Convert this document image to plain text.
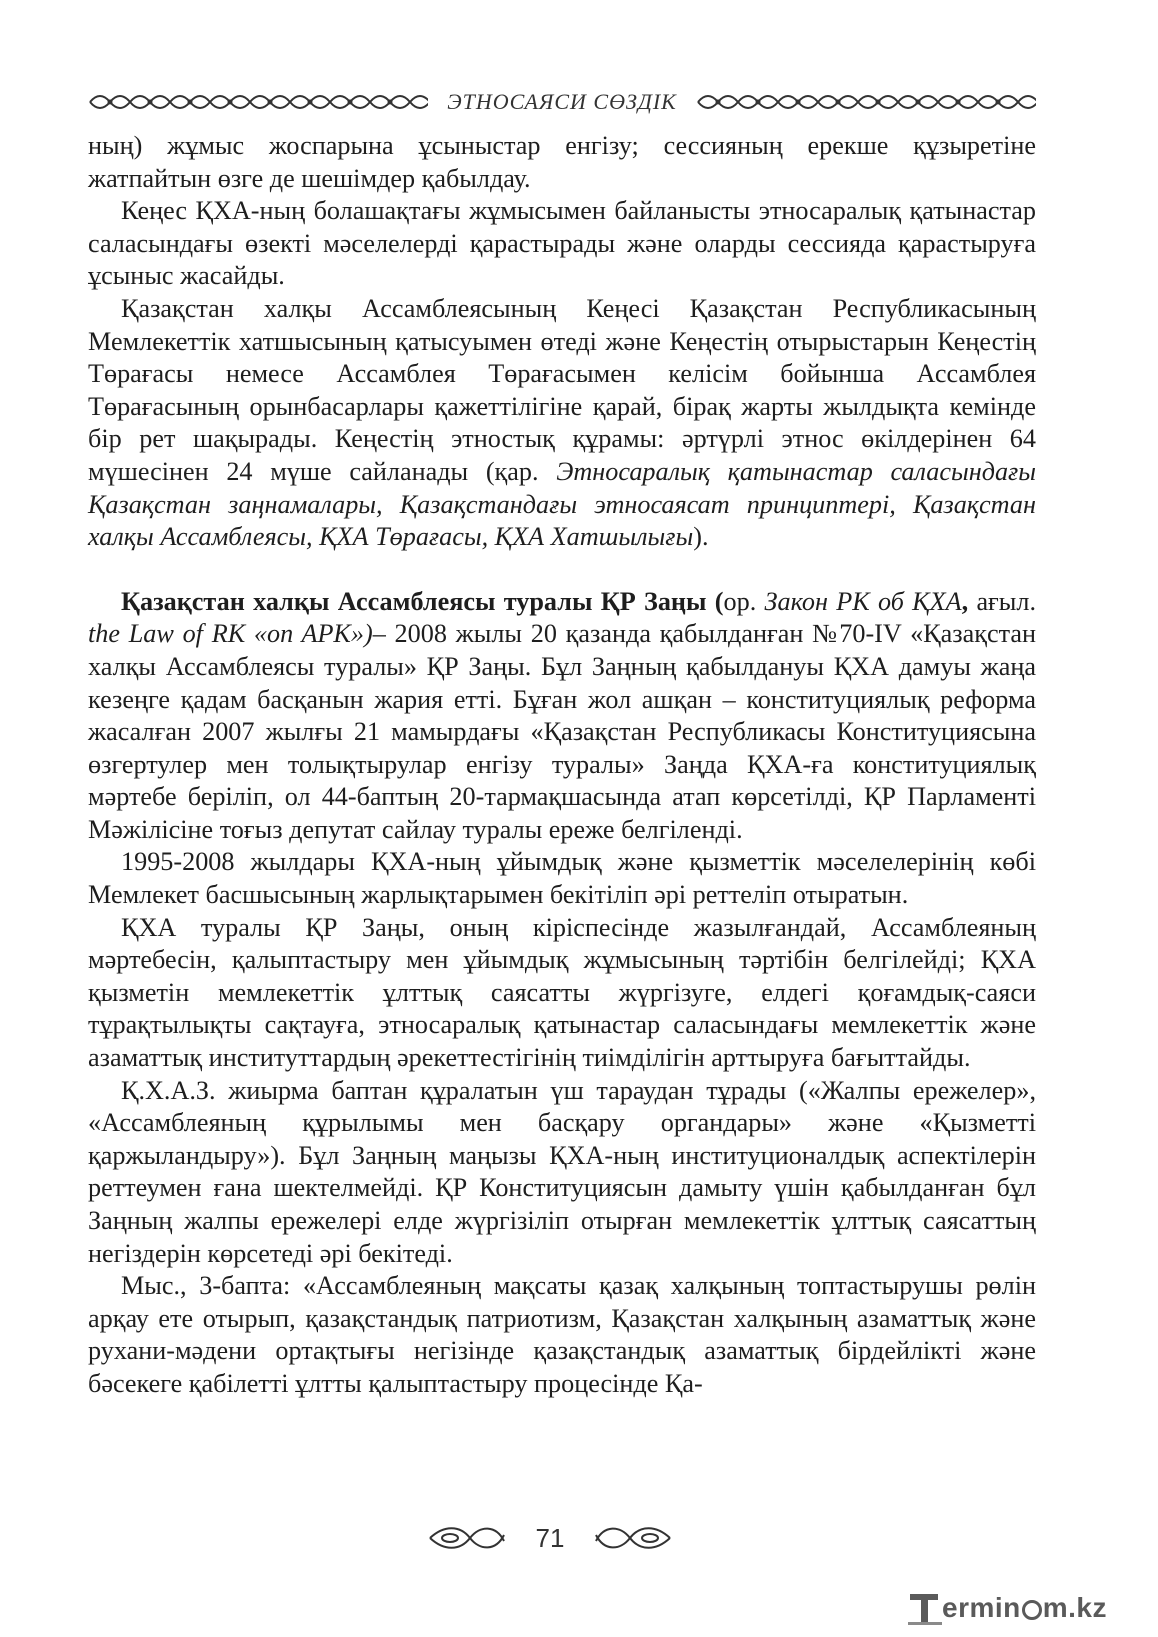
ЭТНОСАЯСИ СӨЗДІК

ның) жұмыс жоспарына ұсыныстар енгізу; сессияның ерекше құзыретіне жатпайтын өзге де шешімдер қабылдау.

Кеңес ҚХА-ның болашақтағы жұмысымен байланысты этносаралық қатынастар саласындағы өзекті мәселелерді қарастырады және оларды сессияда қарастыруға ұсыныс жасайды.

Қазақстан халқы Ассамблеясының Кеңесі Қазақстан Республикасының Мемлекеттік хатшысының қатысуымен өтеді және Кеңестің отырыстарын Кеңестің Төрағасы немесе Ассамблея Төрағасымен келісім бойынша Ассамблея Төрағасының орынбасарлары қажеттілігіне қарай, бірақ жарты жылдықта кемінде бір рет шақырады. Кеңестің этностық құрамы: әртүрлі этнос өкілдерінен 64 мүшесінен 24 мүше сайланады (қар. Этносаралық қатынастар саласындағы Қазақстан заңнамалары, Қазақстандағы этносаясат принциптері, Қазақстан халқы Ассамблеясы, ҚХА Төрағасы, ҚХА Хатшылығы).

Қазақстан халқы Ассамблеясы туралы ҚР Заңы (ор. Закон РК об ҚХА, ағыл. the Law of RK «on APK»)– 2008 жылы 20 қазанда қабылданған №70-IV «Қазақстан халқы Ассамблеясы туралы» ҚР Заңы. Бұл Заңның қабылдануы ҚХА дамуы жаңа кезеңге қадам басқанын жария етті. Бұған жол ашқан – конституциялық реформа жасалған 2007 жылғы 21 мамырдағы «Қазақстан Республикасы Конституциясына өзгертулер мен толықтырулар енгізу туралы» Заңда ҚХА-ға конституциялық мәртебе беріліп, ол 44-баптың 20-тармақшасында атап көрсетілді, ҚР Парламенті Мәжілісіне тоғыз депутат сайлау туралы ереже белгіленді.

1995-2008 жылдары ҚХА-ның ұйымдық және қызметтік мәселелерінің көбі Мемлекет басшысының жарлықтарымен бекітіліп әрі реттеліп отыратын.

ҚХА туралы ҚР Заңы, оның кіріспесінде жазылғандай, Ассамблеяның мәртебесін, қалыптастыру мен ұйымдық жұмысының тәртібін белгілейді; ҚХА қызметін мемлекеттік ұлттық саясатты жүргізуге, елдегі қоғамдық-саяси тұрақтылықты сақтауға, этносаралық қатынастар саласындағы мемлекеттік және азаматтық институттардың әрекеттестігінің тиімділігін арттыруға бағыттайды.

Қ.Х.А.З. жиырма баптан құралатын үш тараудан тұрады («Жалпы ережелер», «Ассамблеяның құрылымы мен басқару органдары» және «Қызметті қаржыландыру»). Бұл Заңның маңызы ҚХА-ның институционалдық аспектілерін реттеумен ғана шектелмейді. ҚР Конституциясын дамыту үшін қабылданған бұл Заңның жалпы ережелері елде жүргізіліп отырған мемлекеттік ұлттық саясаттың негіздерін көрсетеді әрі бекітеді.

Мыс., 3-бапта: «Ассамблеяның мақсаты қазақ халқының топтастырушы рөлін арқау ете отырып, қазақстандық патриотизм, Қазақстан халқының азаматтық және рухани-мәдени ортақтығы негізінде қазақстандық азаматтық бірдейлікті және бәсекеге қабілетті ұлтты қалыптастыру процесінде Қа-

71
ermin m.kz
